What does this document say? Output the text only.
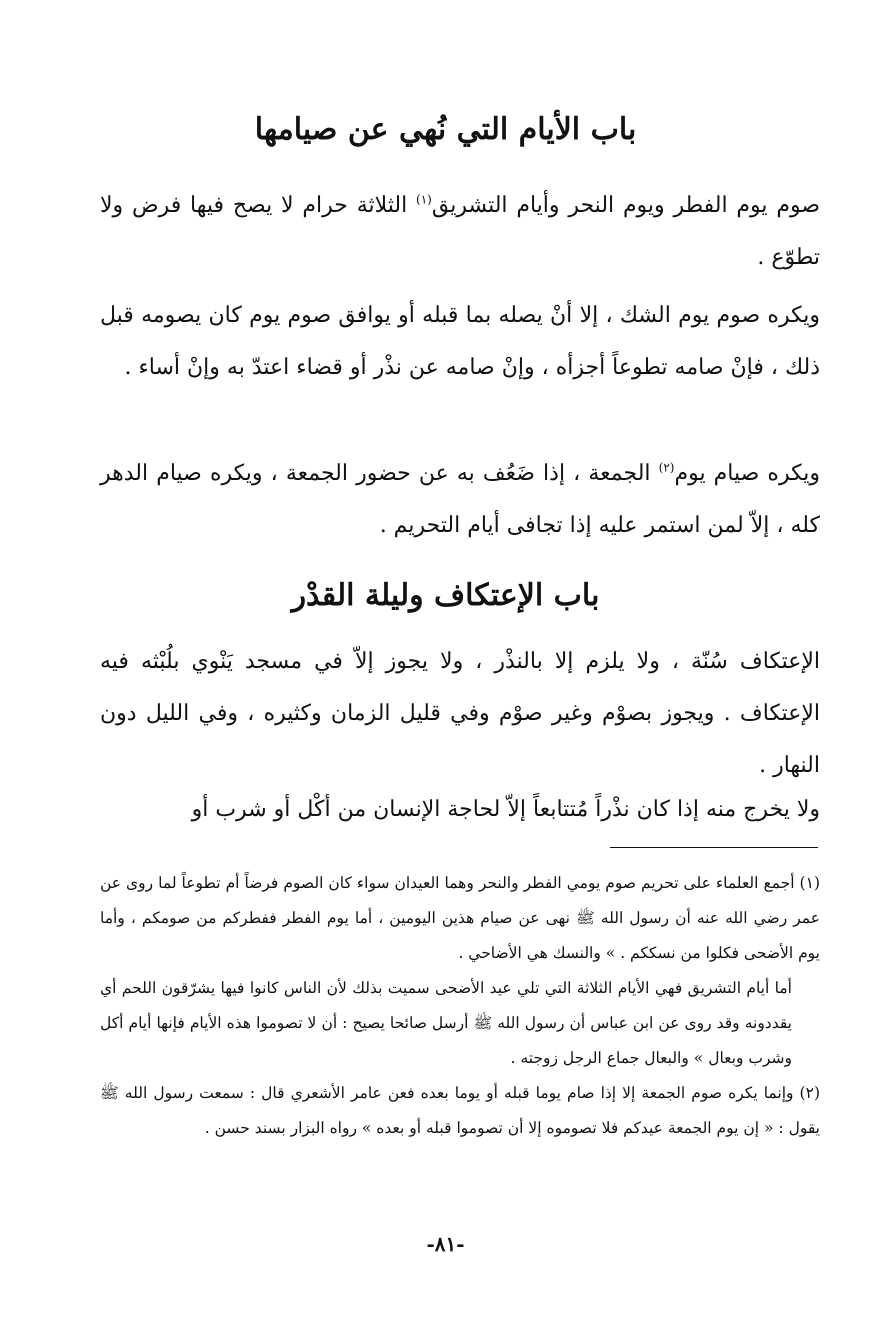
باب الأيام التي نُهي عن صيامها

صوم يوم الفطر ويوم النحر وأيام التشريق$^{(١)}$ الثلاثة حرام لا يصح فيها فرض ولا تطوّع .

ويكره صوم يوم الشك ، إلا أنْ يصله بما قبله أو يوافق صوم يوم كان يصومه قبل ذلك ، فإنْ صامه تطوعاً أجزأه ، وإنْ صامه عن نذْر أو قضاء اعتدّ به وإنْ أساء .

ويكره صيام يوم$^{(٢)}$ الجمعة ، إذا ضَعُف به عن حضور الجمعة ، ويكره صيام الدهر كله ، إلاّ لمن استمر عليه إذا تجافى أيام التحريم .

باب الإعتكاف وليلة القدْر

الإعتكاف سُنّة ، ولا يلزم إلا بالنذْر ، ولا يجوز إلاّ في مسجد يَنْوي بلُبْثه فيه الإعتكاف . ويجوز بصوْم وغير صوْم وفي قليل الزمان وكثيره ، وفي الليل دون النهار .

ولا يخرج منه إذا كان نذْراً مُتتابعاً إلاّ لحاجة الإنسان من أكْل أو شرب أو

(١) أجمع العلماء على تحريم صوم يومي الفطر والنحر وهما العيدان سواء كان الصوم فرضاً أم تطوعاً لما روى عن عمر رضي الله عنه أن رسول الله ﷺ نهى عن صيام هذين اليومين ، أما يوم الفطر ففطركم من صومكم ، وأما يوم الأضحى فكلوا من نسككم . » والنسك هي الأضاحي .

أما أيام التشريق فهي الأيام الثلاثة التي تلي عيد الأضحى سميت بذلك لأن الناس كانوا فيها يشرّقون اللحم أي يقددونه وقد روى عن ابن عباس أن رسول الله ﷺ أرسل صائحا يصيح : أن لا تصوموا هذه الأيام فإنها أيام أكل وشرب وبعال » والبعال جماع الرجل زوجته .

(٢) وإنما يكره صوم الجمعة إلا إذا صام يوما قبله أو يوما بعده فعن عامر الأشعري قال : سمعت رسول الله ﷺ يقول : « إن يوم الجمعة عيدكم فلا تصوموه إلا أن تصوموا قبله أو بعده » رواه البزار بسند حسن .

-٨١-
